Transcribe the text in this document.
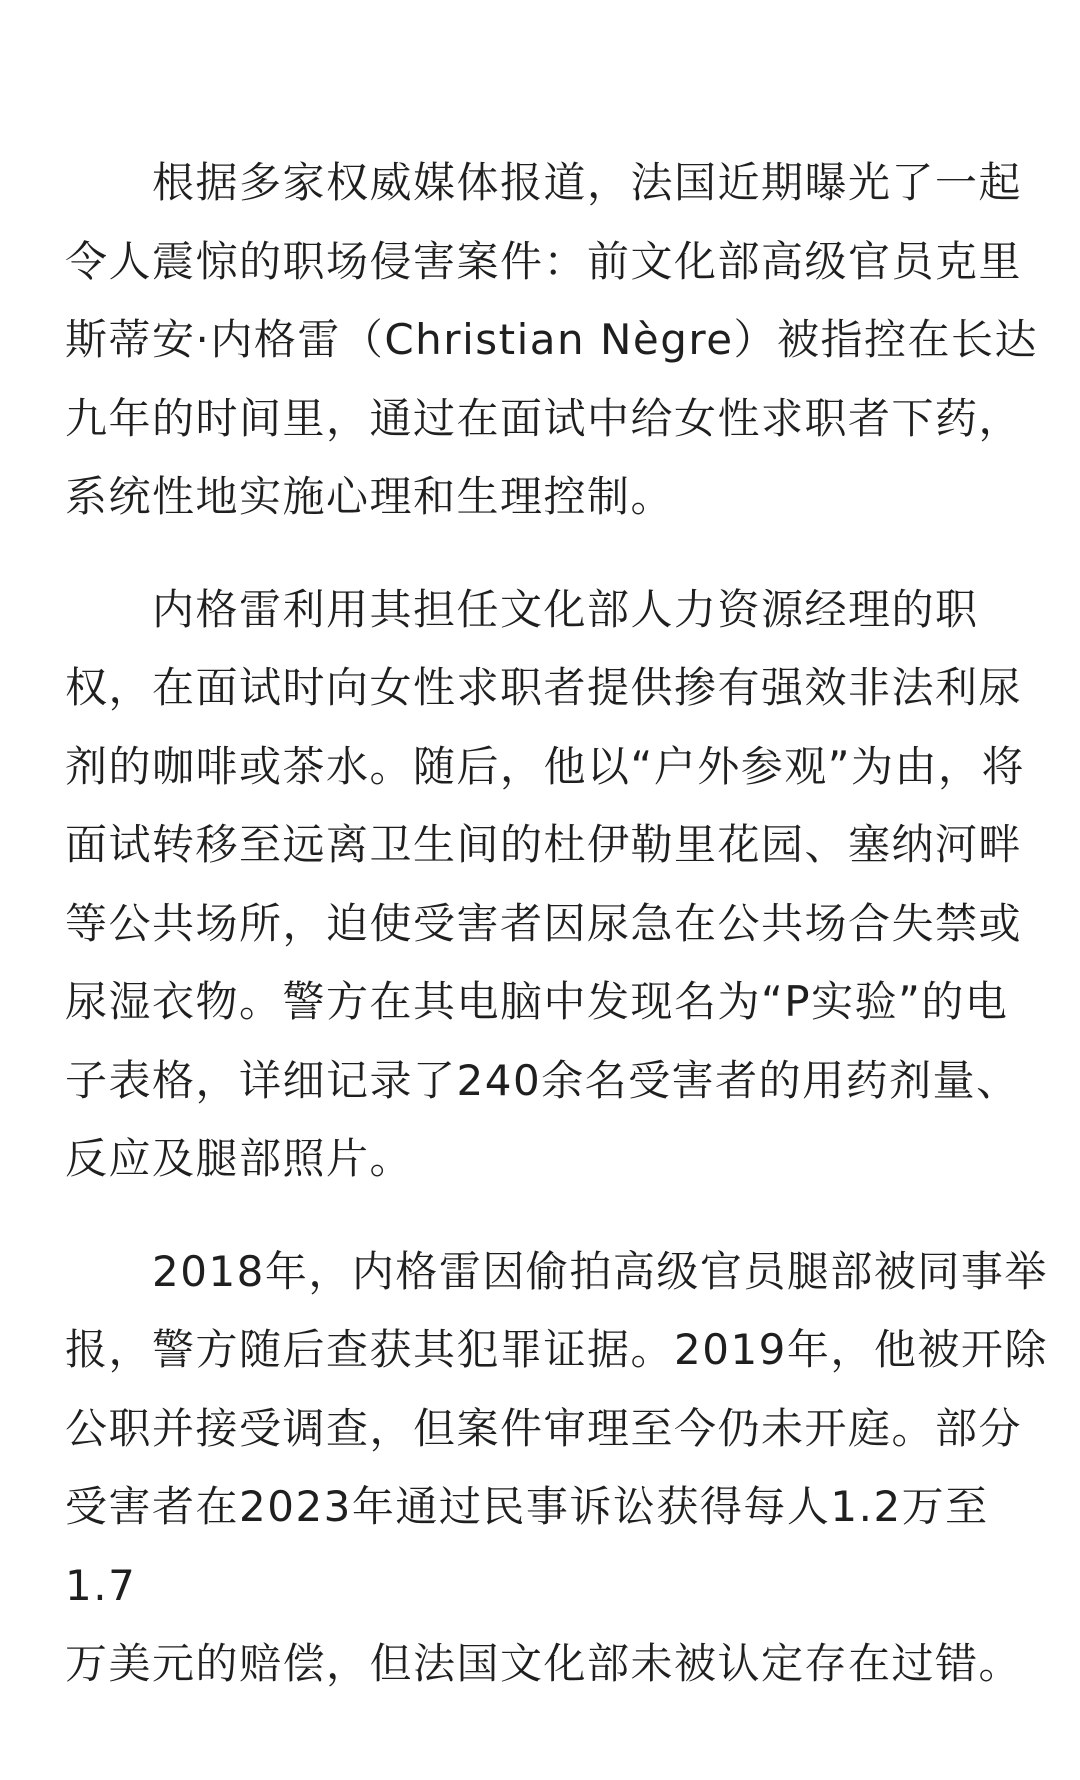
　　根据多家权威媒体报道，法国近期曝光了一起
令人震惊的职场侵害案件：前文化部高级官员克里
斯蒂安·内格雷（Christian Nègre）被指控在长达
九年的时间里，通过在面试中给女性求职者下药，
系统性地实施心理和生理控制。
　　内格雷利用其担任文化部人力资源经理的职
权，在面试时向女性求职者提供掺有强效非法利尿
剂的咖啡或茶水。随后，他以“户外参观”为由，将
面试转移至远离卫生间的杜伊勒里花园、塞纳河畔
等公共场所，迫使受害者因尿急在公共场合失禁或
尿湿衣物。警方在其电脑中发现名为“P实验”的电
子表格，详细记录了240余名受害者的用药剂量、
反应及腿部照片。
　　2018年，内格雷因偷拍高级官员腿部被同事举
报，警方随后查获其犯罪证据。2019年，他被开除
公职并接受调查，但案件审理至今仍未开庭。部分
受害者在2023年通过民事诉讼获得每人1.2万至1.7
万美元的赔偿，但法国文化部未被认定存在过错。
